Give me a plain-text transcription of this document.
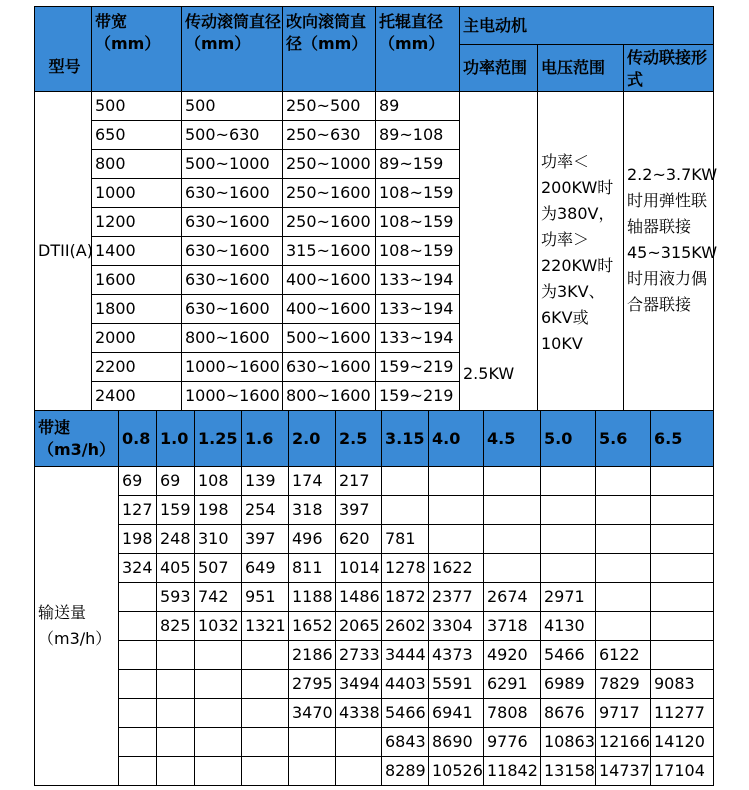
型号	带宽（mm）	传动滚筒直径（mm）	改向滚筒直径（mm）	托辊直径（mm）	主电动机		
					功率范围	电压范围	传动联接形式
DTII(A)	500	500	250~500	89	2.5KW	功率＜200KW时为380V，功率＞220KW时为3KV、6KV或10KV	2.2~3.7KW时用弹性联轴器联接45~315KW时用液力偶合器联接
	650	500~630	250~630	89~108			
	800	500~1000	250~1000	89~159			
	1000	630~1600	250~1600	108~159			
	1200	630~1600	250~1600	108~159			
	1400	630~1600	315~1600	108~159			
	1600	630~1600	400~1600	133~194			
	1800	630~1600	400~1600	133~194			
	2000	800~1600	500~1600	133~194			
	2200	1000~1600	630~1600	159~219			
	2400	1000~1600	800~1600	159~219			
带速（m3/h）	0.8	1.0	1.25	1.6	2.0	2.5	3.15	4.0	4.5	5.0	5.6	6.5
输送量（m3/h）	69	69	108	139	174	217						
	127	159	198	254	318	397						
	198	248	310	397	496	620	781					
	324	405	507	649	811	1014	1278	1622				
		593	742	951	1188	1486	1872	2377	2674	2971		
		825	1032	1321	1652	2065	2602	3304	3718	4130		
					2186	2733	3444	4373	4920	5466	6122	
					2795	3494	4403	5591	6291	6989	7829	9083
					3470	4338	5466	6941	7808	8676	9717	11277
							6843	8690	9776	10863	12166	14120
							8289	10526	11842	13158	14737	17104
